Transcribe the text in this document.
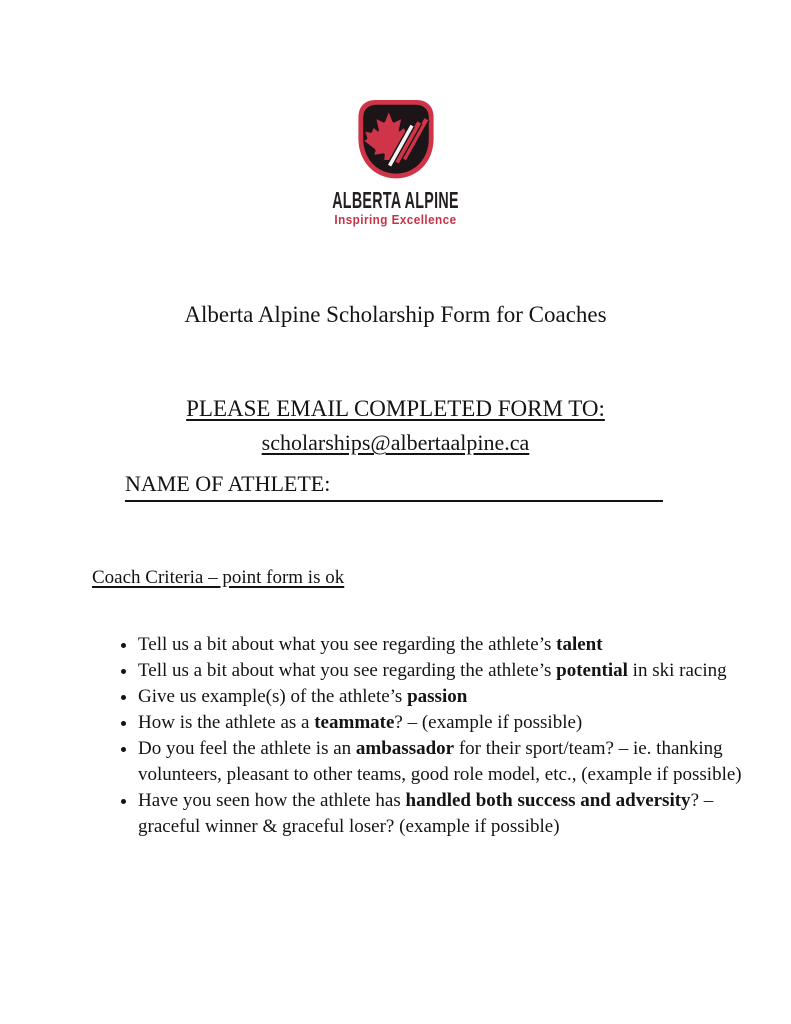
ALBERTA ALPINE
Inspiring Excellence
Alberta Alpine Scholarship Form for Coaches
PLEASE EMAIL COMPLETED FORM TO:
scholarships@albertaalpine.ca
NAME OF ATHLETE:
Coach Criteria – point form is ok
• Tell us a bit about what you see regarding the athlete’s talent
• Tell us a bit about what you see regarding the athlete’s potential in ski racing
• Give us example(s) of the athlete’s passion
• How is the athlete as a teammate? – (example if possible)
• Do you feel the athlete is an ambassador for their sport/team? – ie. thanking volunteers, pleasant to other teams, good role model, etc., (example if possible)
• Have you seen how the athlete has handled both success and adversity? – graceful winner & graceful loser? (example if possible)
